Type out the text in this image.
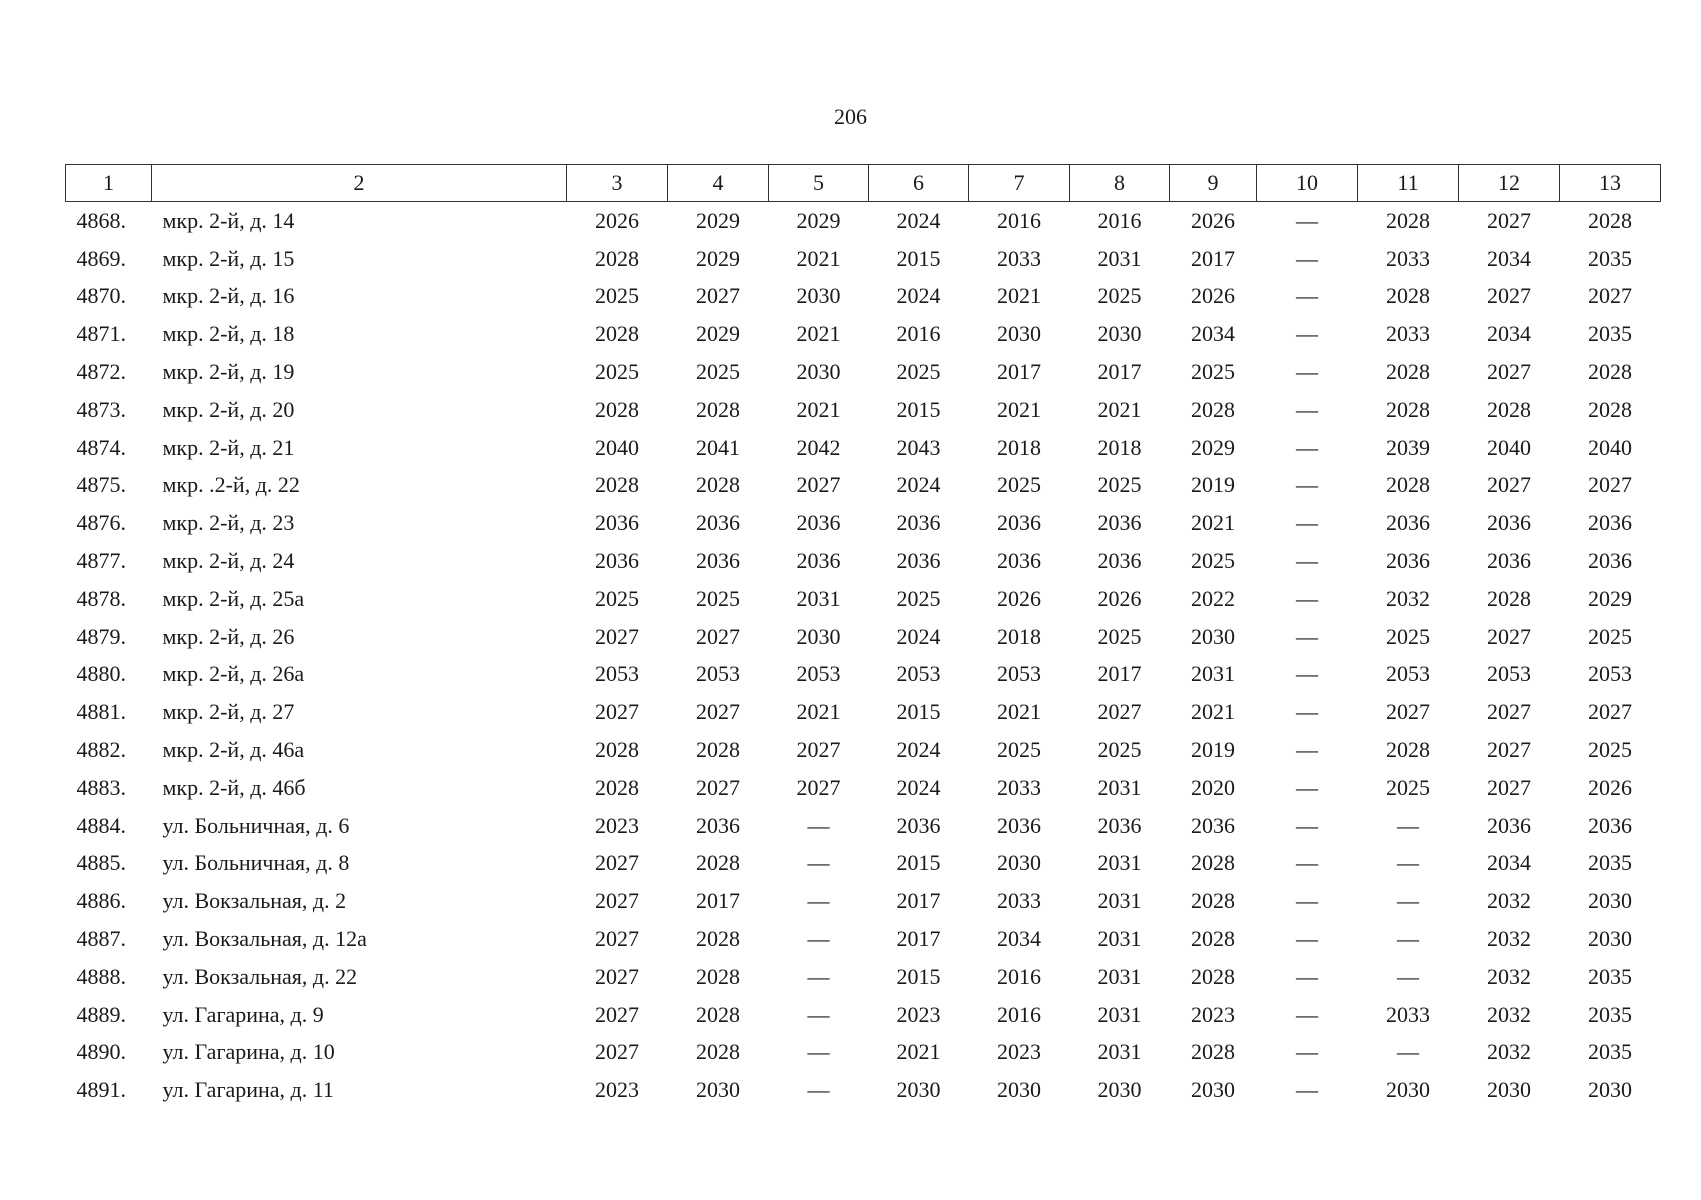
206
1	2	3	4	5	6	7	8	9	10	11	12	13
4868.	мкр. 2-й, д. 14	2026	2029	2029	2024	2016	2016	2026	—	2028	2027	2028
4869.	мкр. 2-й, д. 15	2028	2029	2021	2015	2033	2031	2017	—	2033	2034	2035
4870.	мкр. 2-й, д. 16	2025	2027	2030	2024	2021	2025	2026	—	2028	2027	2027
4871.	мкр. 2-й, д. 18	2028	2029	2021	2016	2030	2030	2034	—	2033	2034	2035
4872.	мкр. 2-й, д. 19	2025	2025	2030	2025	2017	2017	2025	—	2028	2027	2028
4873.	мкр. 2-й, д. 20	2028	2028	2021	2015	2021	2021	2028	—	2028	2028	2028
4874.	мкр. 2-й, д. 21	2040	2041	2042	2043	2018	2018	2029	—	2039	2040	2040
4875.	мкр. .2-й, д. 22	2028	2028	2027	2024	2025	2025	2019	—	2028	2027	2027
4876.	мкр. 2-й, д. 23	2036	2036	2036	2036	2036	2036	2021	—	2036	2036	2036
4877.	мкр. 2-й, д. 24	2036	2036	2036	2036	2036	2036	2025	—	2036	2036	2036
4878.	мкр. 2-й, д. 25а	2025	2025	2031	2025	2026	2026	2022	—	2032	2028	2029
4879.	мкр. 2-й, д. 26	2027	2027	2030	2024	2018	2025	2030	—	2025	2027	2025
4880.	мкр. 2-й, д. 26а	2053	2053	2053	2053	2053	2017	2031	—	2053	2053	2053
4881.	мкр. 2-й, д. 27	2027	2027	2021	2015	2021	2027	2021	—	2027	2027	2027
4882.	мкр. 2-й, д. 46а	2028	2028	2027	2024	2025	2025	2019	—	2028	2027	2025
4883.	мкр. 2-й, д. 46б	2028	2027	2027	2024	2033	2031	2020	—	2025	2027	2026
4884.	ул. Больничная, д. 6	2023	2036	—	2036	2036	2036	2036	—	—	2036	2036
4885.	ул. Больничная, д. 8	2027	2028	—	2015	2030	2031	2028	—	—	2034	2035
4886.	ул. Вокзальная, д. 2	2027	2017	—	2017	2033	2031	2028	—	—	2032	2030
4887.	ул. Вокзальная, д. 12а	2027	2028	—	2017	2034	2031	2028	—	—	2032	2030
4888.	ул. Вокзальная, д. 22	2027	2028	—	2015	2016	2031	2028	—	—	2032	2035
4889.	ул. Гагарина, д. 9	2027	2028	—	2023	2016	2031	2023	—	2033	2032	2035
4890.	ул. Гагарина, д. 10	2027	2028	—	2021	2023	2031	2028	—	—	2032	2035
4891.	ул. Гагарина, д. 11	2023	2030	—	2030	2030	2030	2030	—	2030	2030	2030
